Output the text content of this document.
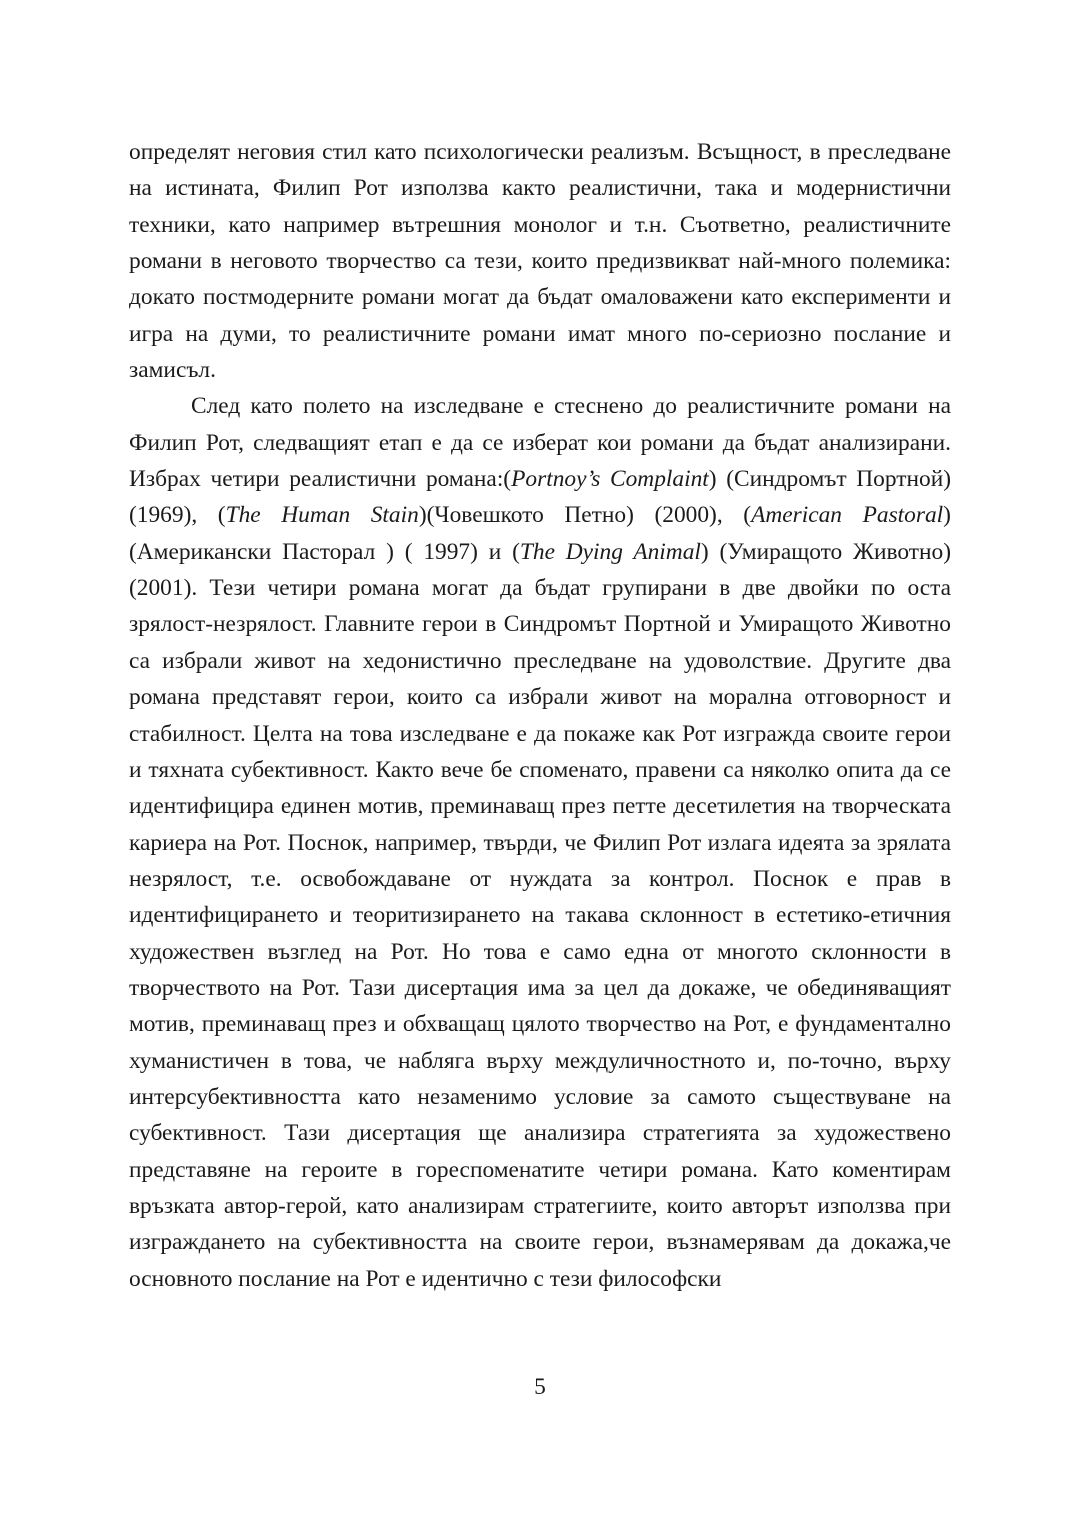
определят неговия стил като психологически реализъм. Всъщност, в преследване на истината, Филип Рот използва както реалистични, така и модернистични техники, като например вътрешния монолог и т.н. Съответно, реалистичните романи в неговото творчество са тези, които предизвикват най-много полемика: докато постмодерните романи могат да бъдат омаловажени като експерименти и игра на думи, то реалистичните романи имат много по-сериозно послание и замисъл.

След като полето на изследване е стеснено до реалистичните романи на Филип Рот, следващият етап е да се изберат кои романи да бъдат анализирани. Избрах четири реалистични романа:(Portnoy’s Complaint) (Синдромът Портной) (1969), (The Human Stain)(Човешкото Петно) (2000), (American Pastoral) (Американски Пасторал ) ( 1997) и (The Dying Animal) (Умиращото Животно) (2001). Тези четири романа могат да бъдат групирани в две двойки по оста зрялост-незрялост. Главните герои в Синдромът Портной и Умиращото Животно са избрали живот на хедонистично преследване на удоволствие. Другите два романа представят герои, които са избрали живот на морална отговорност и стабилност. Целта на това изследване е да покаже как Рот изгражда своите герои и тяхната субективност. Както вече бе споменато, правени са няколко опита да се идентифицира единен мотив, преминаващ през петте десетилетия на творческата кариера на Рот. Поснок, например, твърди, че Филип Рот излага идеята за зрялата незрялост, т.е. освобождаване от нуждата за контрол. Поснок е прав в идентифицирането и теоритизирането на такава склонност в естетико-етичния художествен възглед на Рот. Но това е само една от многото склонности в творчеството на Рот. Тази дисертация има за цел да докаже, че обединяващият мотив, преминаващ през и обхващащ цялото творчество на Рот, е фундаментално хуманистичен в това, че наблягa върху междуличностното и, по-точно, върху интерсубективността като незаменимо условие за самото съществуване на субективност. Тази дисертация ще анализира стратегията за художествено представяне на героите в гореспоменатите четири романа. Като коментирам връзката автор-герой, като анализирам стратегиите, които авторът използва при изграждането на субективността на своите герои, възнамерявам да докажа,че основното послание на Рот е идентично с тези философски

5
